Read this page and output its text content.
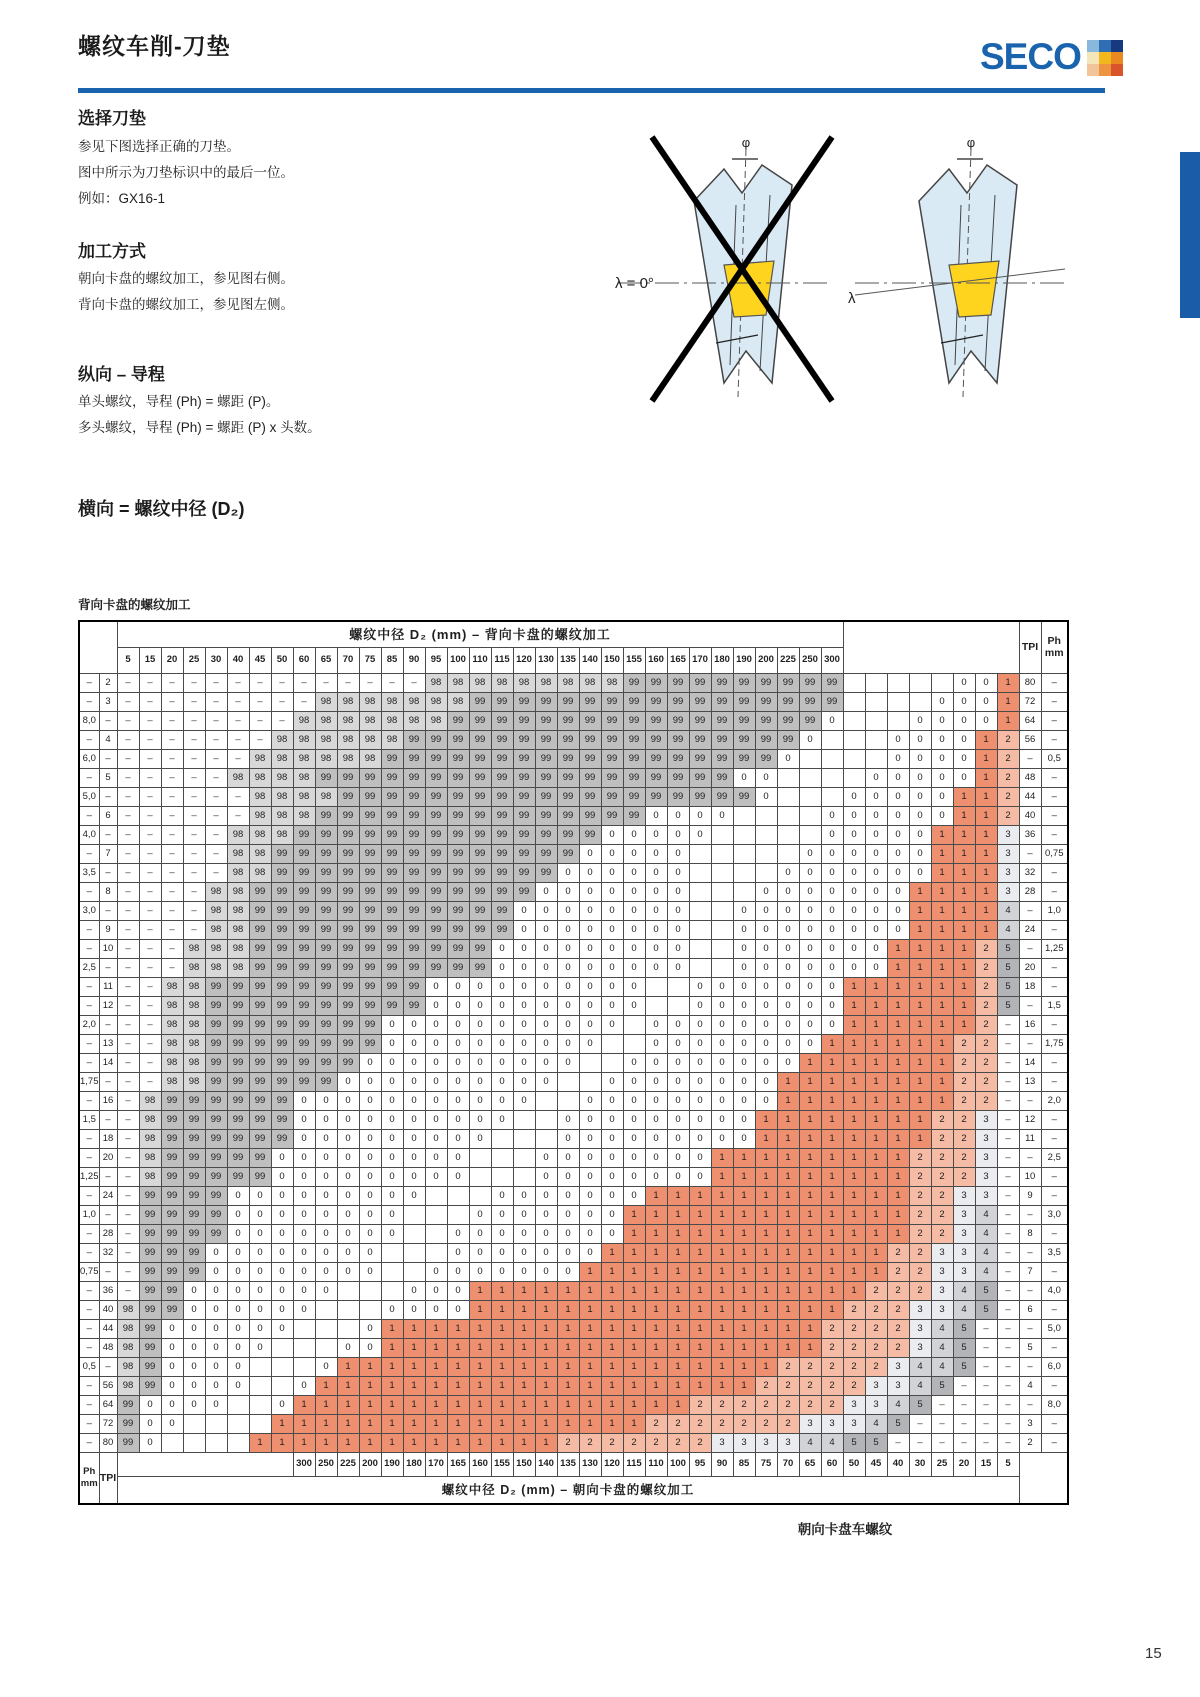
螺纹车削-刀垫	SECO
选择刀垫
参见下图选择正确的刀垫。
图中所示为刀垫标识中的最后一位。
例如：GX16-1
加工方式
朝向卡盘的螺纹加工，参见图右侧。
背向卡盘的螺纹加工，参见图左侧。
纵向 – 导程
单头螺纹，导程 (Ph) = 螺距 (P)。
多头螺纹，导程 (Ph) = 螺距 (P) x 头数。
横向 = 螺纹中径 (D₂)
背向卡盘的螺纹加工
φ	φ
λ = 0°
λ
		螺纹中径 D₂ (mm) – 背向卡盘的螺纹加工																																									TPI	Ph
mm
		5	15	20	25	30	40	45	50	60	65	70	75	85	90	95	100	110	115	120	130	135	140	150	155	160	165	170	180	190	200	225	250	300										
–	2	–	–	–	–	–	–	–	–	–	–	–	–	–	–	98	98	98	98	98	98	98	98	98	99	99	99	99	99	99	99	99	99	99						0	0	1	80	–
–	3	–	–	–	–	–	–	–	–	–	98	98	98	98	98	98	98	99	99	99	99	99	99	99	99	99	99	99	99	99	99	99	99	99					0	0	0	1	72	–
8,0	–	–	–	–	–	–	–	–	–	98	98	98	98	98	98	98	99	99	99	99	99	99	99	99	99	99	99	99	99	99	99	99	99	0				0	0	0	0	1	64	–
–	4	–	–	–	–	–	–	–	98	98	98	98	98	98	99	99	99	99	99	99	99	99	99	99	99	99	99	99	99	99	99	99	0				0	0	0	0	1	2	56	–
6,0	–	–	–	–	–	–	–	98	98	98	98	98	98	99	99	99	99	99	99	99	99	99	99	99	99	99	99	99	99	99	99	0					0	0	0	0	1	2	–	0,5
–	5	–	–	–	–	–	98	98	98	98	99	99	99	99	99	99	99	99	99	99	99	99	99	99	99	99	99	99	99	0	0					0	0	0	0	0	1	2	48	–
5,0	–	–	–	–	–	–	–	98	98	98	98	99	99	99	99	99	99	99	99	99	99	99	99	99	99	99	99	99	99	99	0				0	0	0	0	0	1	1	2	44	–
–	6	–	–	–	–	–	–	98	98	98	99	99	99	99	99	99	99	99	99	99	99	99	99	99	99	0	0	0	0					0	0	0	0	0	0	1	1	2	40	–
4,0	–	–	–	–	–	–	98	98	98	99	99	99	99	99	99	99	99	99	99	99	99	99	99	0	0	0	0	0						0	0	0	0	0	1	1	1	3	36	–
–	7	–	–	–	–	–	98	98	99	99	99	99	99	99	99	99	99	99	99	99	99	99	0	0	0	0	0						0	0	0	0	0	0	1	1	1	3	–	0,75
3,5	–	–	–	–	–	–	98	98	99	99	99	99	99	99	99	99	99	99	99	99	99	0	0	0	0	0	0					0	0	0	0	0	0	0	1	1	1	3	32	–
–	8	–	–	–	–	98	98	99	99	99	99	99	99	99	99	99	99	99	99	99	0	0	0	0	0	0	0				0	0	0	0	0	0	0	1	1	1	1	3	28	–
3,0	–	–	–	–	–	98	98	99	99	99	99	99	99	99	99	99	99	99	99	0	0	0	0	0	0	0	0			0	0	0	0	0	0	0	0	1	1	1	1	4	–	1,0
–	9	–	–	–	–	98	98	99	99	99	99	99	99	99	99	99	99	99	99	0	0	0	0	0	0	0	0			0	0	0	0	0	0	0	0	1	1	1	1	4	24	–
–	10	–	–	–	98	98	98	99	99	99	99	99	99	99	99	99	99	99	0	0	0	0	0	0	0	0	0			0	0	0	0	0	0	0	1	1	1	1	2	5	–	1,25
2,5	–	–	–	–	98	98	98	99	99	99	99	99	99	99	99	99	99	99	0	0	0	0	0	0	0	0	0			0	0	0	0	0	0	0	1	1	1	1	2	5	20	–
–	11	–	–	98	98	99	99	99	99	99	99	99	99	99	99	0	0	0	0	0	0	0	0	0	0			0	0	0	0	0	0	0	1	1	1	1	1	1	2	5	18	–
–	12	–	–	98	98	99	99	99	99	99	99	99	99	99	99	0	0	0	0	0	0	0	0	0	0			0	0	0	0	0	0	0	1	1	1	1	1	1	2	5	–	1,5
2,0	–	–	–	98	98	99	99	99	99	99	99	99	99	0	0	0	0	0	0	0	0	0	0	0		0	0	0	0	0	0	0	0	0	1	1	1	1	1	1	2	–	16	–
–	13	–	–	98	98	99	99	99	99	99	99	99	99	0	0	0	0	0	0	0	0	0	0			0	0	0	0	0	0	0	0	1	1	1	1	1	1	2	2	–	–	1,75
–	14	–	–	98	98	99	99	99	99	99	99	99	0	0	0	0	0	0	0	0	0	0			0	0	0	0	0	0	0	0	1	1	1	1	1	1	1	2	2	–	14	–
1,75	–	–	–	98	98	99	99	99	99	99	99	0	0	0	0	0	0	0	0	0	0			0	0	0	0	0	0	0	0	1	1	1	1	1	1	1	1	2	2	–	13	–
–	16	–	98	99	99	99	99	99	99	0	0	0	0	0	0	0	0	0	0	0			0	0	0	0	0	0	0	0	0	1	1	1	1	1	1	1	1	2	2	–	–	2,0
1,5	–	–	98	99	99	99	99	99	99	0	0	0	0	0	0	0	0	0	0			0	0	0	0	0	0	0	0	0	1	1	1	1	1	1	1	1	2	2	3	–	12	–
–	18	–	98	99	99	99	99	99	99	0	0	0	0	0	0	0	0	0				0	0	0	0	0	0	0	0	0	1	1	1	1	1	1	1	1	2	2	3	–	11	–
–	20	–	98	99	99	99	99	99	0	0	0	0	0	0	0	0	0				0	0	0	0	0	0	0	0	1	1	1	1	1	1	1	1	1	2	2	2	3	–	–	2,5
1,25	–	–	98	99	99	99	99	99	0	0	0	0	0	0	0	0	0				0	0	0	0	0	0	0	0	1	1	1	1	1	1	1	1	1	2	2	2	3	–	10	–
–	24	–	99	99	99	99	0	0	0	0	0	0	0	0	0				0	0	0	0	0	0	0	1	1	1	1	1	1	1	1	1	1	1	1	2	2	3	3	–	9	–
1,0	–	–	99	99	99	99	0	0	0	0	0	0	0	0				0	0	0	0	0	0	0	1	1	1	1	1	1	1	1	1	1	1	1	1	2	2	3	4	–	–	3,0
–	28	–	99	99	99	99	0	0	0	0	0	0	0	0			0	0	0	0	0	0	0	0	1	1	1	1	1	1	1	1	1	1	1	1	1	2	2	3	4	–	8	–
–	32	–	99	99	99	0	0	0	0	0	0	0	0				0	0	0	0	0	0	0	1	1	1	1	1	1	1	1	1	1	1	1	1	2	2	3	3	4	–	–	3,5
0,75	–	–	99	99	99	0	0	0	0	0	0	0	0			0	0	0	0	0	0	0	1	1	1	1	1	1	1	1	1	1	1	1	1	1	2	2	3	3	4	–	7	–
–	36	–	99	99	0	0	0	0	0	0	0				0	0	0	1	1	1	1	1	1	1	1	1	1	1	1	1	1	1	1	1	1	2	2	2	3	4	5	–	–	4,0
–	40	98	99	99	0	0	0	0	0	0				0	0	0	0	1	1	1	1	1	1	1	1	1	1	1	1	1	1	1	1	1	2	2	2	3	3	4	5	–	6	–
–	44	98	99	0	0	0	0	0	0				0	1	1	1	1	1	1	1	1	1	1	1	1	1	1	1	1	1	1	1	1	2	2	2	2	3	4	5	–	–	–	5,0
–	48	98	99	0	0	0	0	0				0	0	1	1	1	1	1	1	1	1	1	1	1	1	1	1	1	1	1	1	1	1	2	2	2	2	3	4	5	–	–	5	–
0,5	–	98	99	0	0	0	0				0	1	1	1	1	1	1	1	1	1	1	1	1	1	1	1	1	1	1	1	1	2	2	2	2	2	3	4	4	5	–	–	–	6,0
–	56	98	99	0	0	0	0			0	1	1	1	1	1	1	1	1	1	1	1	1	1	1	1	1	1	1	1	1	2	2	2	2	2	3	3	4	5	–	–	–	4	–
–	64	99	0	0	0	0			0	1	1	1	1	1	1	1	1	1	1	1	1	1	1	1	1	1	1	2	2	2	2	2	2	2	3	3	4	5	–	–	–	–	–	8,0
–	72	99	0	0					1	1	1	1	1	1	1	1	1	1	1	1	1	1	1	1	1	2	2	2	2	2	2	2	3	3	3	4	5	–	–	–	–	–	3	–
–	80	99	0					1	1	1	1	1	1	1	1	1	1	1	1	1	1	2	2	2	2	2	2	2	3	3	3	3	4	4	5	5	–	–	–	–	–	–	2	–
Ph
mm	TPI									300	250	225	200	190	180	170	165	160	155	150	140	135	130	120	115	110	100	95	90	85	75	70	65	60	50	45	40	30	25	20	15	5		
		螺纹中径 D₂ (mm) – 朝向卡盘的螺纹加工																																										
朝向卡盘车螺纹
15
